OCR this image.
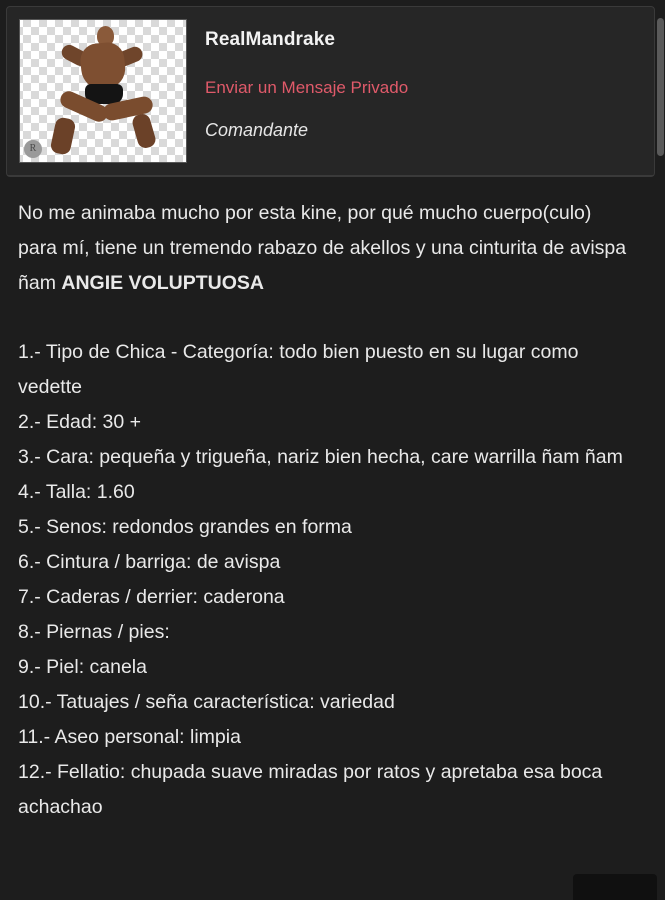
R
RealMandrake
Enviar un Mensaje Privado
Comandante

No me animaba mucho por esta kine, por qué mucho cuerpo(culo) para mí, tiene un tremendo rabazo de akellos y una cinturita de avispa ñam ANGIE VOLUPTUOSA

1.- Tipo de Chica - Categoría: todo bien puesto en su lugar como vedette
2.- Edad: 30 +
3.- Cara: pequeña y trigueña, nariz bien hecha, care warrilla ñam ñam
4.- Talla: 1.60
5.- Senos: redondos grandes en forma
6.- Cintura / barriga: de avispa
7.- Caderas / derrier: caderona
8.- Piernas / pies:
9.- Piel: canela
10.- Tatuajes / seña característica: variedad
11.- Aseo personal: limpia
12.- Fellatio: chupada suave miradas por ratos y apretaba esa boca achachao
